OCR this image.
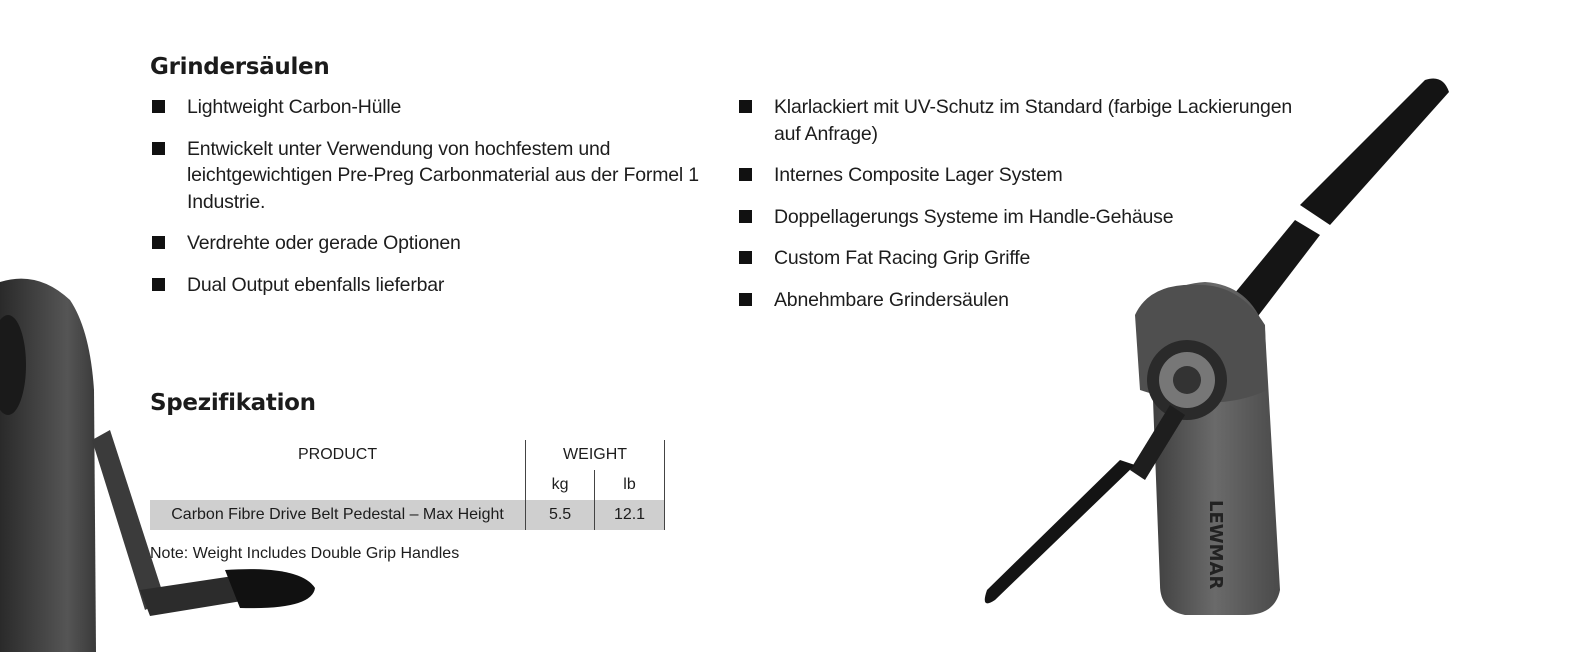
LEWMAR
Grindersäulen
Lightweight Carbon-Hülle
Entwickelt unter Verwendung von hochfestem und leichtgewichtigen Pre-Preg Carbonmaterial aus der Formel 1 Industrie.
Verdrehte oder gerade Optionen
Dual Output ebenfalls lieferbar
Klarlackiert mit UV-Schutz im Standard (farbige Lackierungen auf Anfrage)
Internes Composite Lager System
Doppellagerungs Systeme im Handle-Gehäuse
Custom Fat Racing Grip Griffe
Abnehmbare Grindersäulen
Spezifikation
PRODUCT	WEIGHT	
	kg	lb
Carbon Fibre Drive Belt Pedestal – Max Height	5.5	12.1
Note: Weight Includes Double Grip Handles
